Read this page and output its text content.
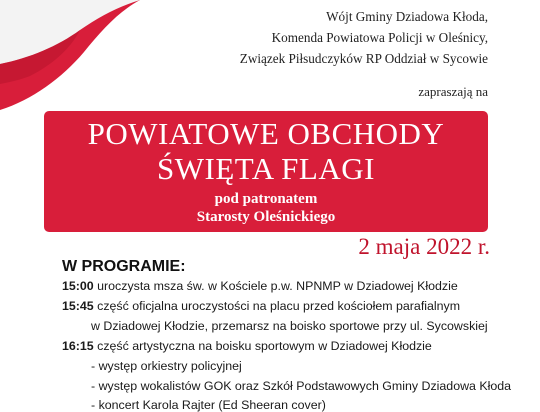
Wójt Gminy Dziadowa Kłoda,
Komenda Powiatowa Policji w Oleśnicy,
Związek Piłsudczyków RP Oddział w Sycowie
zapraszają na
POWIATOWE OBCHODY
ŚWIĘTA FLAGI
pod patronatem
Starosty Oleśnickiego
2 maja 2022 r.
W PROGRAMIE:
15:00 uroczysta msza św. w Kościele p.w. NPNMP w Dziadowej Kłodzie
15:45 część oficjalna uroczystości na placu przed kościołem parafialnym
w Dziadowej Kłodzie, przemarsz na boisko sportowe przy ul. Sycowskiej
16:15 część artystyczna na boisku sportowym w Dziadowej Kłodzie
- występ orkiestry policyjnej
- występ wokalistów GOK oraz Szkół Podstawowych Gminy Dziadowa Kłoda
- koncert Karola Rajter (Ed Sheeran cover)
